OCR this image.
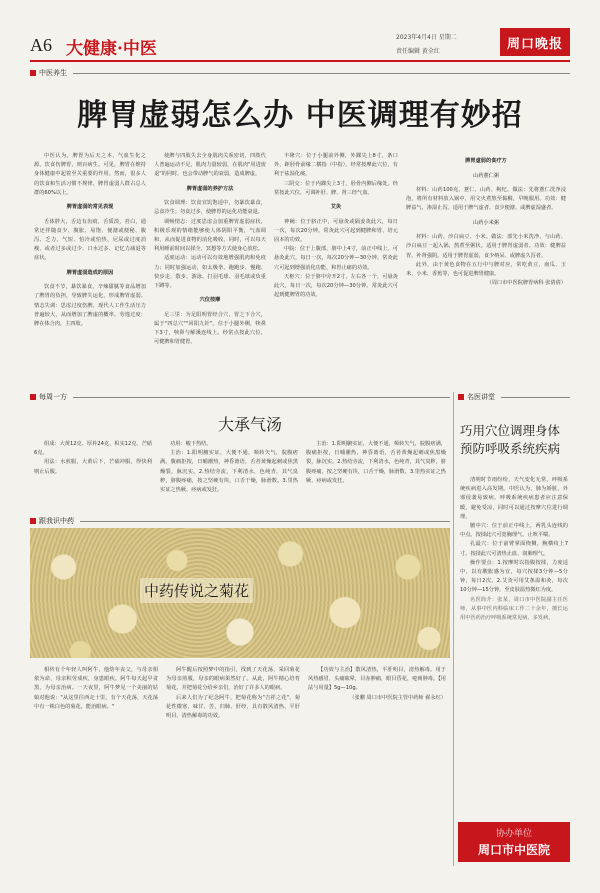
A6 大健康·中医
2023年4月4日 星期二
责任编辑 黄全红	周口晚报
中医养生
脾胃虚弱怎么办 中医调理有妙招

中医认为，脾胃为后天之本，气血生化之源。饮食伤脾胃，则百病生。可见，脾胃在维持身体健康中起着至关重要的作用。然而，很多人的饮食和生活习惯不规律，脾胃虚弱人群占总人群的60%以上。

脾胃虚弱的常见表现

舌体胖大，舌边有齿痕，舌质淡，苔白，通常还伴随食少、腹胀、易饱、便溏或便秘、腹泻、乏力、气短、怕冷或怕热，尼尿或过度消瘦、或者过多或过少、口水过多、记忆力减退等症状。

脾胃虚弱造成的原因

饮食不节，暴饮暴食，辛辣甜腻等食品增加了脾胃的负担，导致脾失运化，形成脾胃虚弱。情志失调：思虑过度伤脾，现代人工作生活压力普遍较大，从而增加了脾虚的概率。劳逸过度：脾在体合肉，主四肢。

使脾与四肢失去全身肌肉关系密切，四肢代人普遍运动不足，肌肉力量较弱，在肌肉"用进废退"的同时，也会带动脾气的衰弱，造成脾虚。

脾胃虚弱的养护方法

饮食调理：饮食宜饥饱适中，勿暴饮暴食，忌食冷生；勿食过多，使脾胃的运化功能衰退。

调畅情志：过度思虑会加重脾胃虚弱症状，积极乐观的情绪能够使人体阴阳平衡，气血调和，从而促进食物的消化吸收，同时，可以每天利用睡前时间以揉全、冥想等方式使身心放松。

适度运动：运动可以有效地增强肌肉和免疫力；同时加强运动，如太极拳，跑跑步、慢跑、快步走、散步、游泳、打羽毛球、羽毛球或负重下蹲等。

穴位按摩

足三里：为足阳明胃经合穴，胃之下合穴，属于"四总穴""回阳九针"。位于小腿外侧，犊鼻下3寸，犊鼻与解溪连线上。经常点按此穴位，可健脾和胃健胃。

丰隆穴：位于小腿前外侧，外踝尖上8寸，条口外，距胫骨前缘二横指（中指），经常按摩此穴位，有利于祛湿化痰。

三阴交：位于内踝尖上3寸，胫骨内侧后缘处。经常按此穴位，可调补肝、脾、肾三经气血。

艾灸

神阙：位于脐正中，可悬灸或隔姜灸此穴，每日一次，每次20分钟。常灸此穴可起到健脾和胃、培元固本的功效。

中脘：位于上腹部，脐中上4寸，前正中线上。可悬灸此穴，每日一次，每次20分钟—30分钟。常灸此穴可起到增强消化功能、和胃止痛的功效。

天枢穴：位于脐中旁开2寸，左右各一个，可悬灸此穴，每日一次，每次20分钟—30分钟。常灸此穴可起到健脾胃的功效。

脾胃虚弱的食疗方

山药薏仁粥

材料：山药100克、薏仁、山药、枸杞。做法：先将薏仁洗净浸泡，将所有材料放入锅中，用文火煮熬至黏稠，早晚服用。功效：健脾益气、渗湿止泻。适用于脾气虚者、食少便溏、或脾虚湿盛者。

山药小米粥

材料：山药、沙白扁豆、小米。做法：部先小米洗净，与山药、沙白扁豆一起入锅，熬煮至粥状。适用于脾胃虚弱者。功效：健脾益胃，补肾强阴。适用于脾胃虚弱，食少纳呆、或脾虚久泻者。

此外，由于黄色食物在五行中与脾对应，常吃黄豆、南瓜、玉米、小米、香蕉等，也可促进脾胃健康。

（周口市中医院脾胃病科 张倩倩）

每周一方
大承气汤

组成：大黄12克、厚朴24克、枳实12克、芒硝6克。

用法：水煎服，大黄后下，芒硝冲服，得快利则止后服。

功用：峻下热结。

主治：1.阳明腑实证，大便不通，频转矢气，脘腹痞满，腹痛拒按，日晡潮热，神昏谵语，舌苔黄燥起刺或焦黑燥裂，脉沉实。2.热结旁流，下利清水，色纯青，其气臭秽，脐腹疼痛，按之坚硬有块，口舌干燥，脉滑数。3.里热实证之热厥、痉病或发狂。

主治：1.阳明腑实证，大便不通，频转矢气，脘腹痞满，腹痛拒按，日晡潮热，神昏谵语，舌苔黄燥起刺或焦黑燥裂，脉沉实。2.热结旁流，下利清水，色纯青，其气臭秽，脐腹疼痛，按之坚硬有块，口舌干燥，脉滑数。3.里热实证之热厥、痉病或发狂。

名医讲堂
巧用穴位调理身体 预防呼吸系统疾病

清明时节雨纷纷，天气变化无常，呼吸系统疾病进入高发期。中医认为，肺为娇脏，外邪侵袭易致病。呼吸系统疾病患者应注意保暖，避免受凉，同时可以通过按摩穴位进行调理。

膻中穴：位于前正中线上，两乳头连线的中点。按揉此穴可宽胸理气、止咳平喘。

孔最穴：位于前臂掌面桡侧，腕横纹上7寸。按揉此穴可清热止血、润肺理气。

操作要点：1.按摩时以指腹按揉，力度适中，以有酸胀感为宜，每穴按揉3分钟—5分钟，每日2次。2.艾灸可用艾条温和灸，每次10分钟—15分钟，至皮肤温热微红为度。

名医简介：张某，周口市中医院副主任医师，从事中医内科临床工作二十余年，擅长运用中医药治疗呼吸系统常见病、多发病。

协办单位
周口市中医院
跟我识中药
中药传说之菊花

相传有个年轻人叫阿牛，他幼年丧父，与母亲相依为命，母亲积劳成疾，身患眼疾。阿牛每天起早贪黑，为母亲治病。一天夜里，阿牛梦见一个美丽的姑娘对他说："从这里往西走十里，有个天花荡，天花荡中有一株白色的菊花，能治眼病。"

阿牛醒后按照梦中的指引，找到了天花荡，采回菊花为母亲煎服，母亲的眼病果然好了。从此，阿牛精心培育菊花，并把菊花分给乡亲们，治好了许多人的眼病。

后来人们为了纪念阿牛，把菊花称为"吉祥之花"。菊花性微寒，味甘、苦，归肺、肝经，具有散风清热、平肝明目、清热解毒的功效。

【功效与主治】散风清热，平肝明目，清热解毒。用于风热感冒，头痛眩晕，目赤肿痛，眼目昏花，疮痈肿毒。【用法与用量】5g—10g。

（张鹏 周口市中医院主管中药师 翟永红）
